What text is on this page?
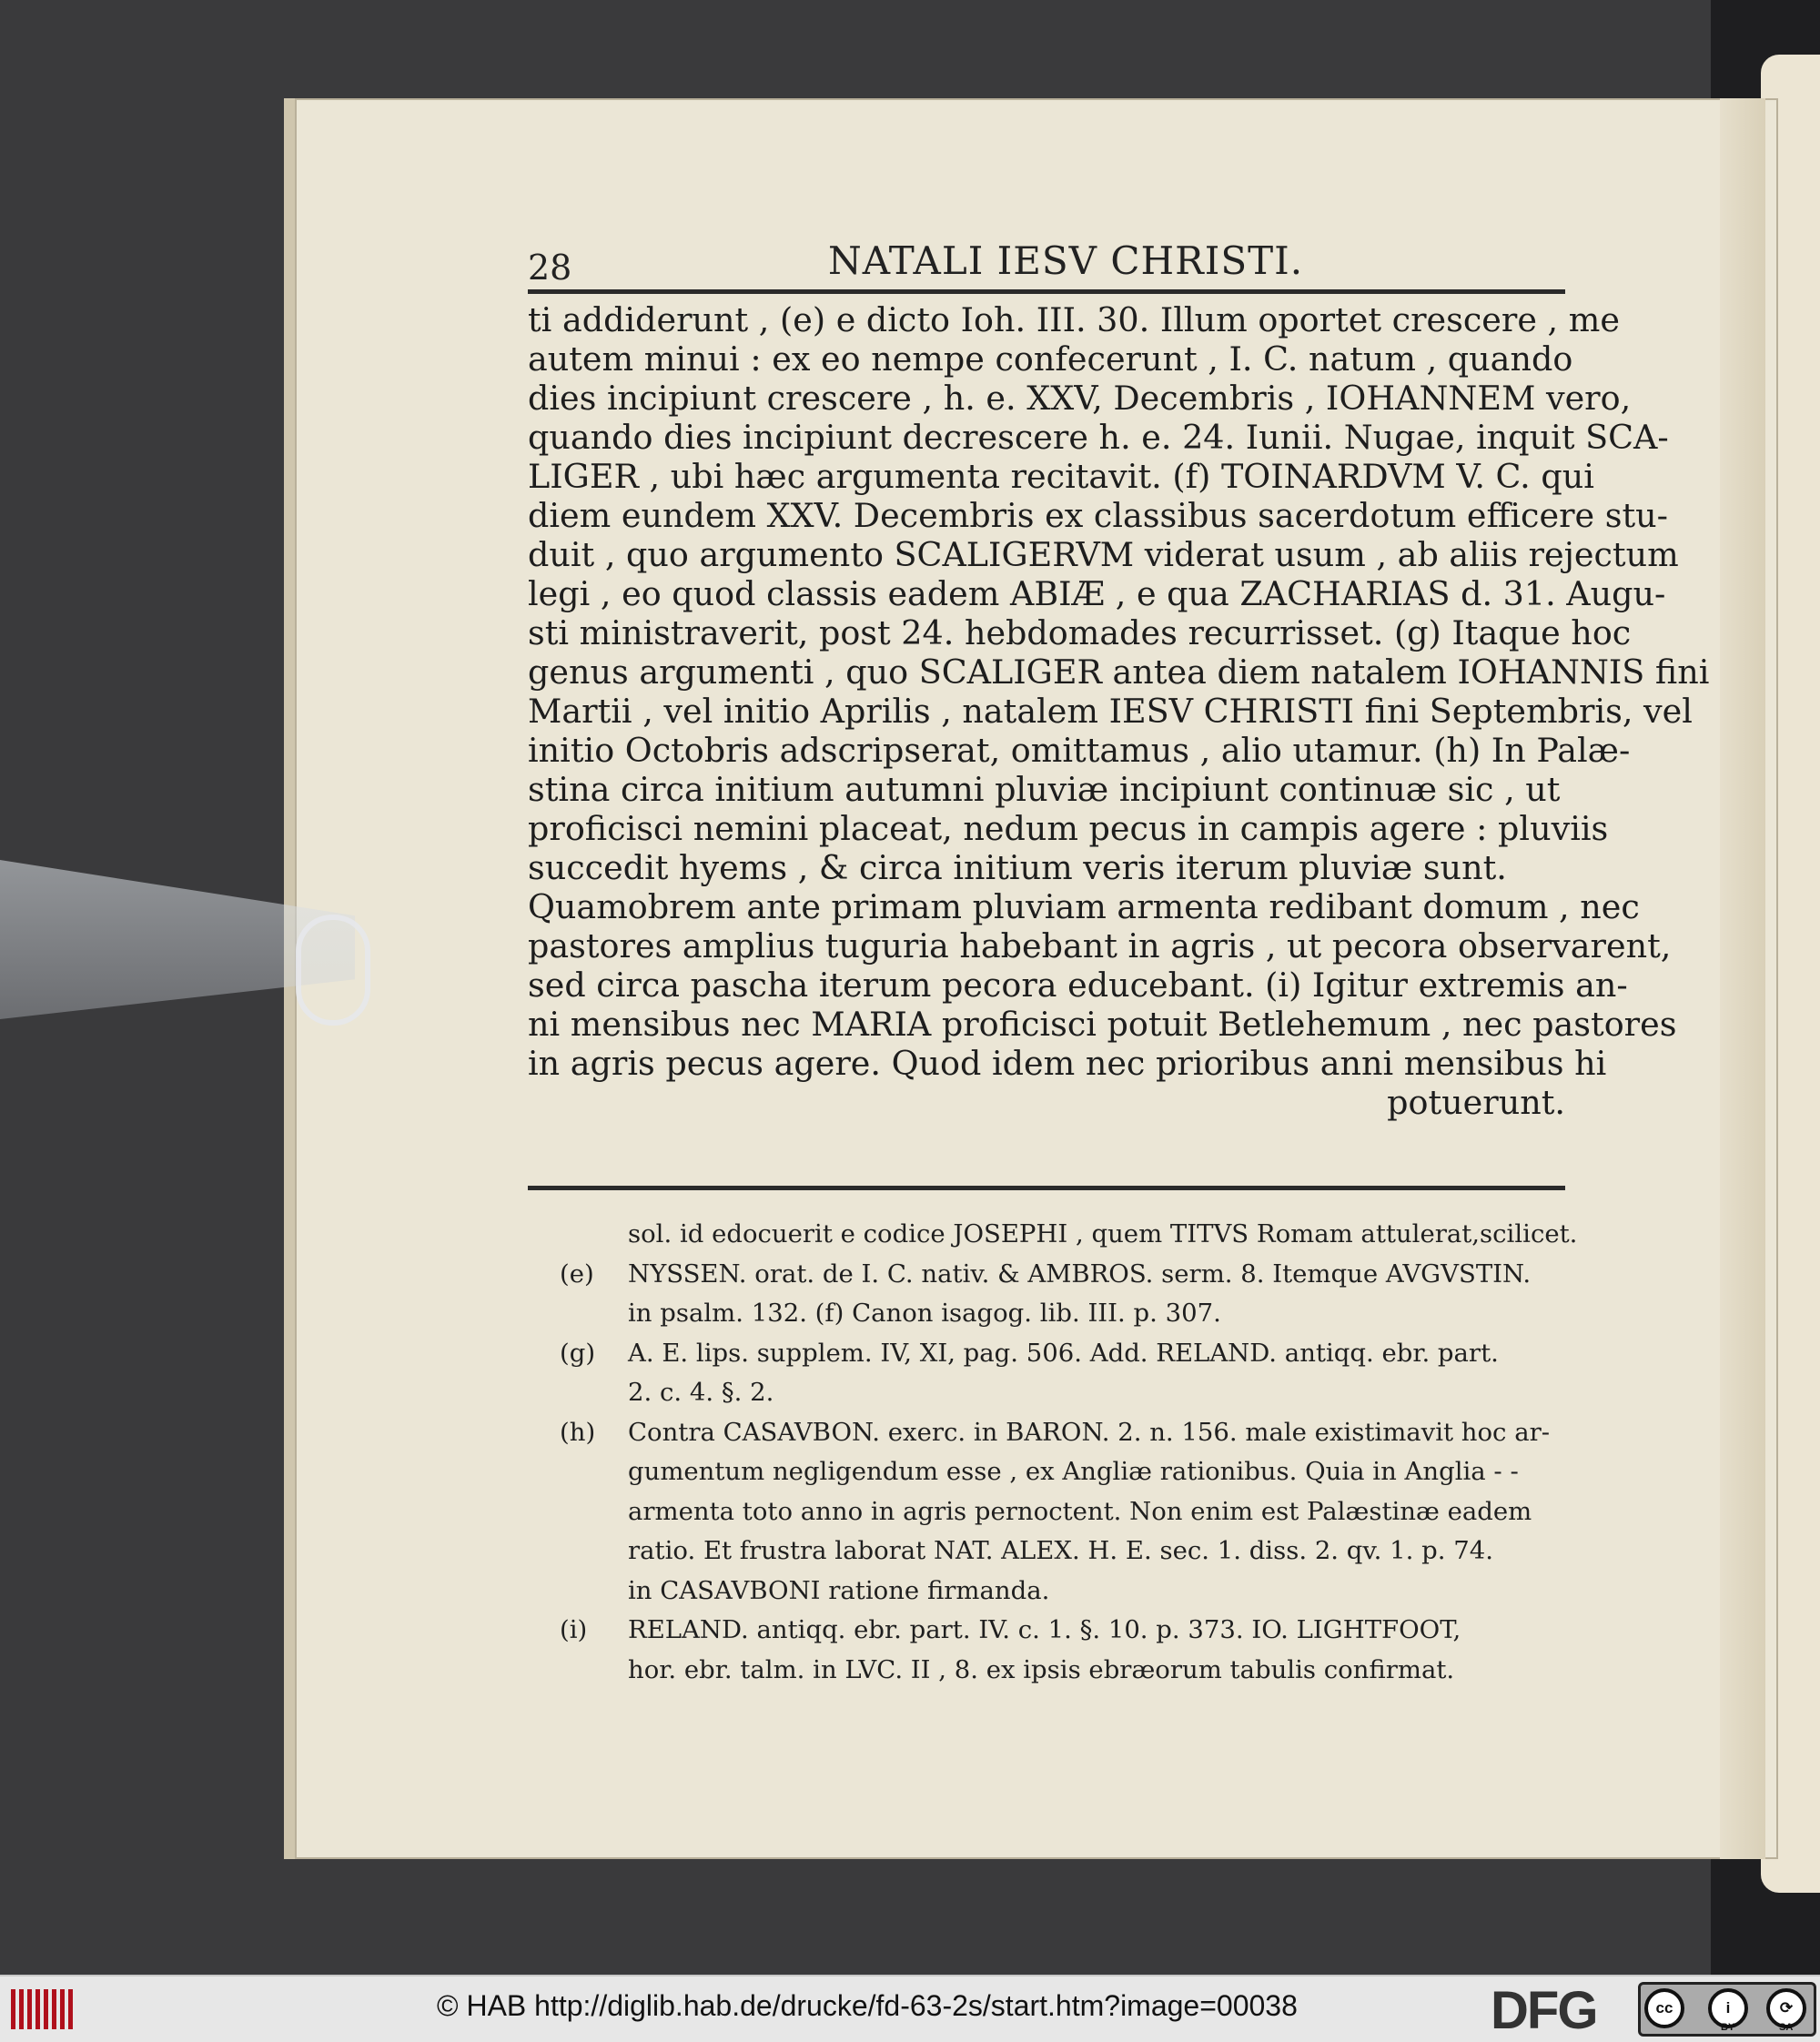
28	NATALI IESV CHRISTI.
ti addiderunt , (e) e dicto Ioh. III. 30. Illum oportet crescere , me
autem minui : ex eo nempe confecerunt , I. C. natum , quando
dies incipiunt crescere , h. e. XXV, Decembris , IOHANNEM vero,
quando dies incipiunt decrescere h. e. 24. Iunii. Nugae, inquit SCA-
LIGER , ubi hæc argumenta recitavit. (f) TOINARDVM V. C. qui
diem eundem XXV. Decembris ex classibus sacerdotum efficere stu-
duit , quo argumento SCALIGERVM viderat usum , ab aliis rejectum
legi , eo quod classis eadem ABIÆ , e qua ZACHARIAS d. 31. Augu-
sti ministraverit, post 24. hebdomades recurrisset. (g) Itaque hoc
genus argumenti , quo SCALIGER antea diem natalem IOHANNIS fini
Martii , vel initio Aprilis , natalem IESV CHRISTI fini Septembris, vel
initio Octobris adscripserat, omittamus , alio utamur. (h) In Palæ-
stina circa initium autumni pluviæ incipiunt continuæ sic , ut
proficisci nemini placeat, nedum pecus in campis agere : pluviis
succedit hyems , & circa initium veris iterum pluviæ sunt.
Quamobrem ante primam pluviam armenta redibant domum , nec
pastores amplius tuguria habebant in agris , ut pecora observarent,
sed circa pascha iterum pecora educebant. (i) Igitur extremis an-
ni mensibus nec MARIA proficisci potuit Betlehemum , nec pastores
in agris pecus agere. Quod idem nec prioribus anni mensibus hi
potuerunt.
sol. id edocuerit e codice JOSEPHI , quem TITVS Romam attulerat,scilicet.
(e) NYSSEN. orat. de I. C. nativ. & AMBROS. serm. 8. Itemque AVGVSTIN.
in psalm. 132. (f) Canon isagog. lib. III. p. 307.
(g) A. E. lips. supplem. IV, XI, pag. 506. Add. RELAND. antiqq. ebr. part.
2. c. 4. §. 2.
(h) Contra CASAVBON. exerc. in BARON. 2. n. 156. male existimavit hoc ar-
gumentum negligendum esse , ex Angliæ rationibus. Quia in Anglia - -
armenta toto anno in agris pernoctent. Non enim est Palæstinæ eadem
ratio. Et frustra laborat NAT. ALEX. H. E. sec. 1. diss. 2. qv. 1. p. 74.
in CASAVBONI ratione firmanda.
(i) RELAND. antiqq. ebr. part. IV. c. 1. §. 10. p. 373. IO. LIGHTFOOT,
hor. ebr. talm. in LVC. II , 8. ex ipsis ebræorum tabulis confirmat.
© HAB http://diglib.hab.de/drucke/fd-63-2s/start.htm?image=00038	DFG	cc	i	⟳
BY	SA
